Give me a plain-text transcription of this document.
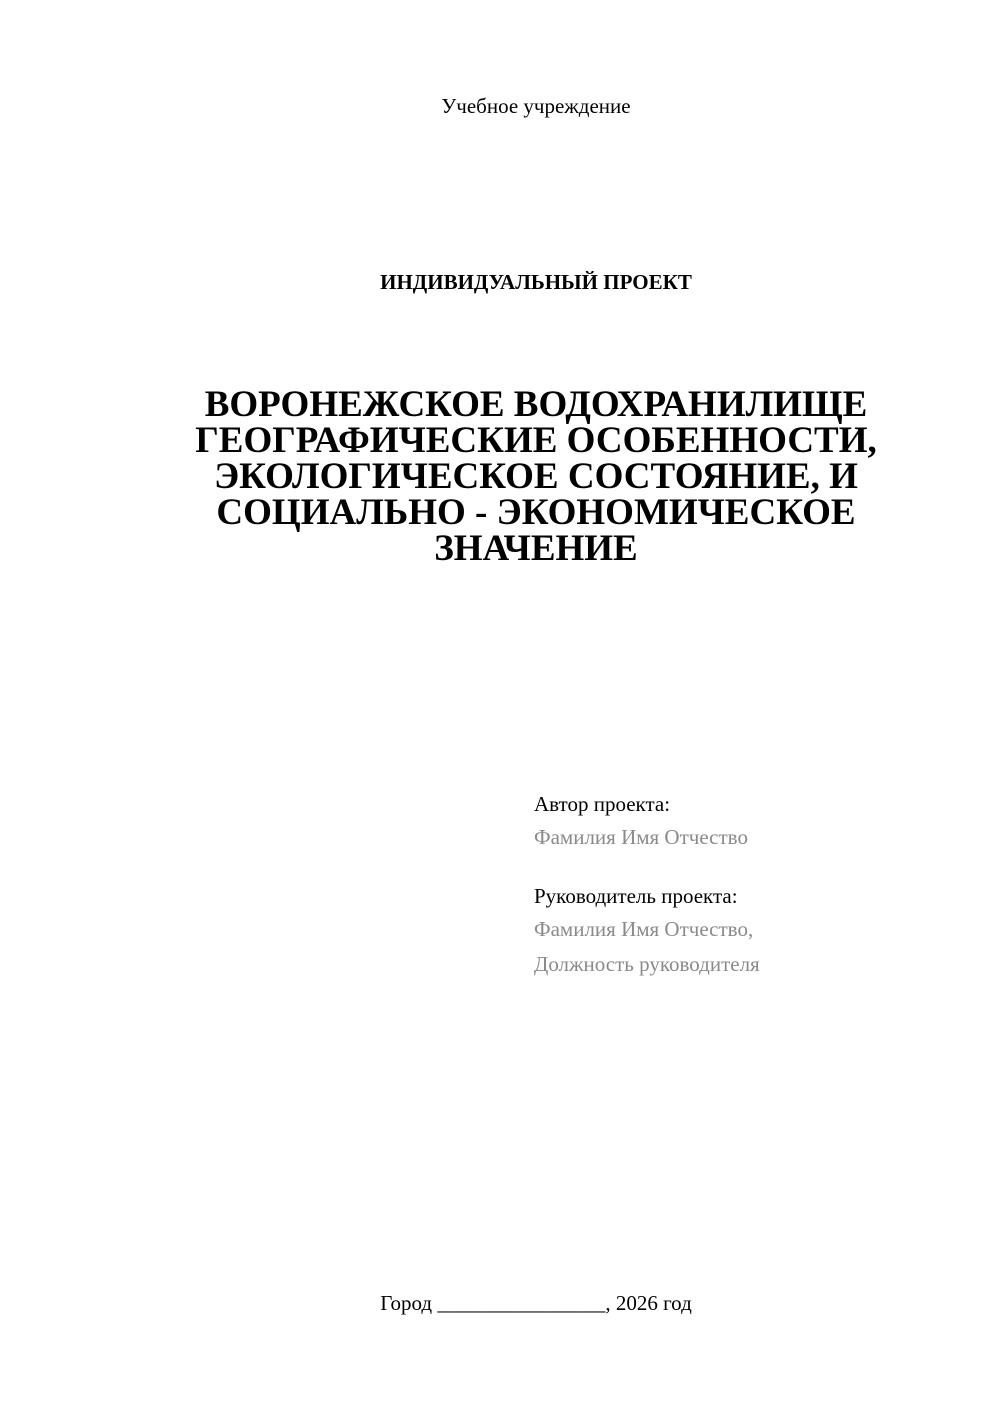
Учебное учреждение
ИНДИВИДУАЛЬНЫЙ ПРОЕКТ
ВОРОНЕЖСКОЕ ВОДОХРАНИЛИЩЕ
ГЕОГРАФИЧЕСКИЕ ОСОБЕННОСТИ,
ЭКОЛОГИЧЕСКОЕ СОСТОЯНИЕ, И
СОЦИАЛЬНО - ЭКОНОМИЧЕСКОЕ
ЗНАЧЕНИЕ
Автор проекта:
Фамилия Имя Отчество
Руководитель проекта:
Фамилия Имя Отчество,
Должность руководителя
Город ________________, 2026 год
